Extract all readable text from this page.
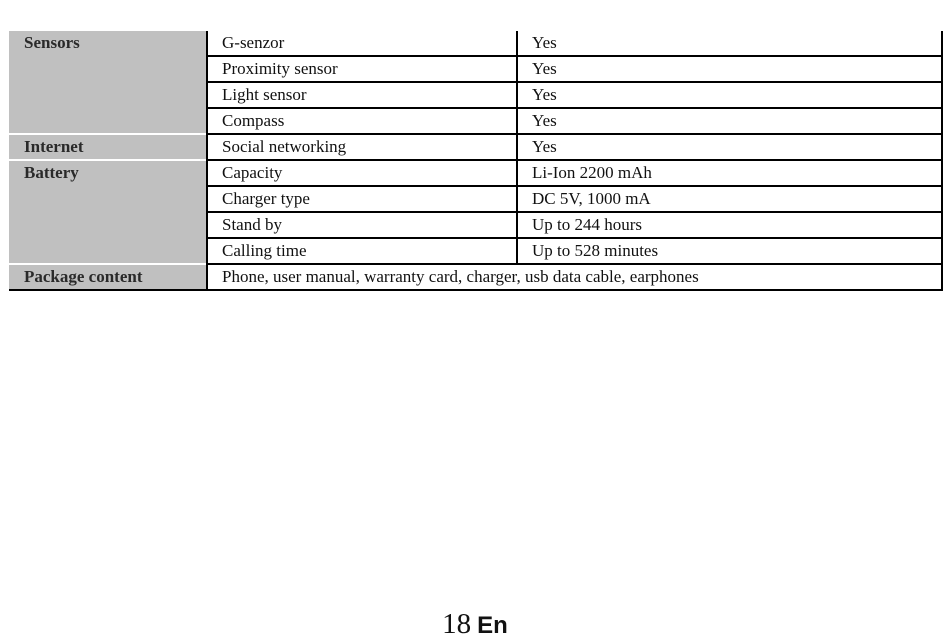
Sensors	G-senzor	Yes
	Proximity sensor	Yes
	Light sensor	Yes
	Compass	Yes
Internet	Social networking	Yes
Battery	Capacity	Li-Ion 2200 mAh
	Charger type	DC 5V, 1000 mA
	Stand by	Up to 244 hours
	Calling time	Up to 528 minutes
Package content	Phone, user manual, warranty card, charger, usb data cable, earphones	
18 En
